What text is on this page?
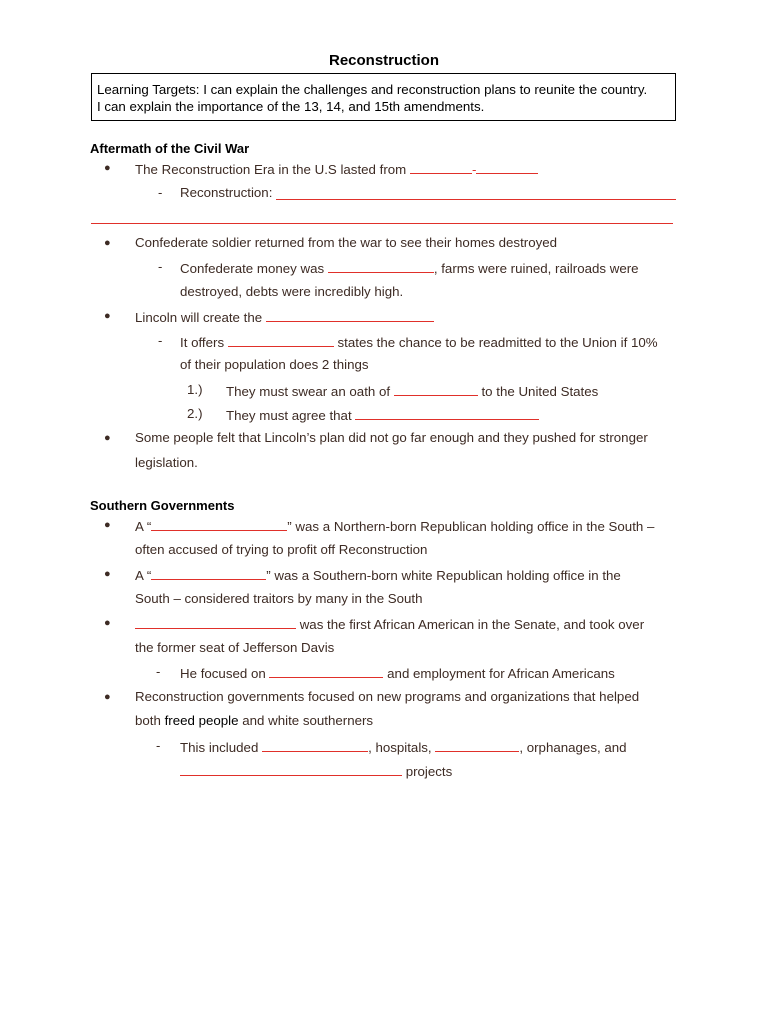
Reconstruction
Learning Targets: I can explain the challenges and reconstruction plans to reunite the country.
I can explain the importance of the 13, 14, and 15th amendments.
Aftermath of the Civil War
● The Reconstruction Era in the U.S lasted from	-
- Reconstruction:
● Confederate soldier returned from the war to see their homes destroyed
- Confederate money was	, farms were ruined, railroads were
destroyed, debts were incredibly high.
● Lincoln will create the
- It offers	states the chance to be readmitted to the Union if 10%
of their population does 2 things
1.) They must swear an oath of	to the United States
2.) They must agree that
● Some people felt that Lincoln’s plan did not go far enough and they pushed for stronger
legislation.
Southern Governments
● A “	” was a Northern-born Republican holding office in the South –
often accused of trying to profit off Reconstruction
● A “	” was a Southern-born white Republican holding office in the
South – considered traitors by many in the South
●	was the first African American in the Senate, and took over
the former seat of Jefferson Davis
- He focused on	and employment for African Americans
● Reconstruction governments focused on new programs and organizations that helped
both freed people and white southerners
- This included	, hospitals,	, orphanages, and
projects
